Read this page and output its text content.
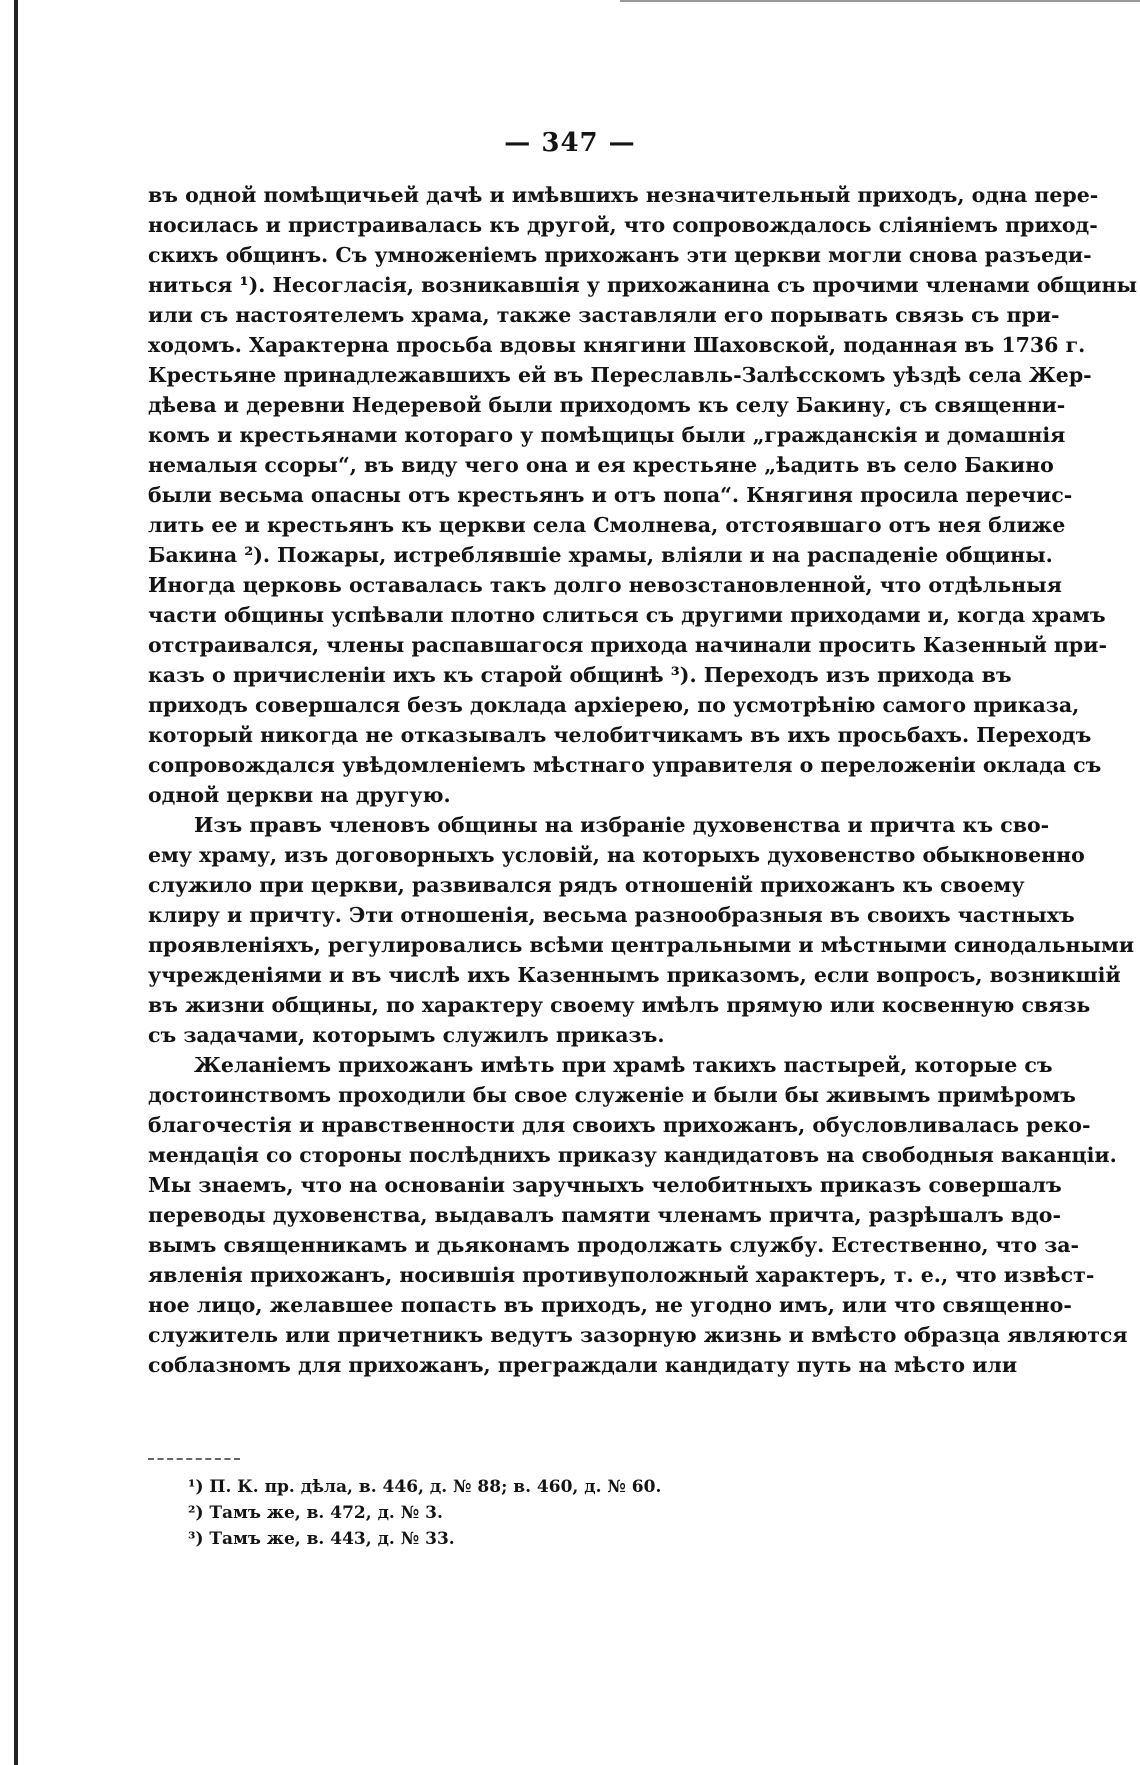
— 347 —
въ одной помѣщичьей дачѣ и имѣвшихъ незначительный приходъ, одна пере-
носилась и пристраивалась къ другой, что сопровождалось сліяніемъ приход-
скихъ общинъ. Съ умноженіемъ прихожанъ эти церкви могли снова разъеди-
ниться ¹). Несогласія, возникавшія у прихожанина съ прочими членами общины
или съ настоятелемъ храма, также заставляли его порывать связь съ при-
ходомъ. Характерна просьба вдовы княгини Шаховской, поданная въ 1736 г.
Крестьяне принадлежавшихъ ей въ Переславль-Залѣсскомъ уѣздѣ села Жер-
дѣева и деревни Недеревой были приходомъ къ селу Бакину, съ священни-
комъ и крестьянами котораго у помѣщицы были „гражданскія и домашнія
немалыя ссоры“, въ виду чего она и ея крестьяне „ѣадить въ село Бакино
были весьма опасны отъ крестьянъ и отъ попа“. Княгиня просила перечис-
лить ее и крестьянъ къ церкви села Смолнева, отстоявшаго отъ нея ближе
Бакина ²). Пожары, истреблявшіе храмы, вліяли и на распаденіе общины.
Иногда церковь оставалась такъ долго невозстановленной, что отдѣльныя
части общины успѣвали плотно слиться съ другими приходами и, когда храмъ
отстраивался, члены распавшагося прихода начинали просить Казенный при-
казъ о причисленіи ихъ къ старой общинѣ ³). Переходъ изъ прихода въ
приходъ совершался безъ доклада архіерею, по усмотрѣнію самого приказа,
который никогда не отказывалъ челобитчикамъ въ ихъ просьбахъ. Переходъ
сопровождался увѣдомленіемъ мѣстнаго управителя о переложеніи оклада съ
одной церкви на другую.
Изъ правъ членовъ общины на избраніе духовенства и причта къ сво-
ему храму, изъ договорныхъ условій, на которыхъ духовенство обыкновенно
служило при церкви, развивался рядъ отношеній прихожанъ къ своему
клиру и причту. Эти отношенія, весьма разнообразныя въ своихъ частныхъ
проявленіяхъ, регулировались всѣми центральными и мѣстными синодальными
учрежденіями и въ числѣ ихъ Казеннымъ приказомъ, если вопросъ, возникшій
въ жизни общины, по характеру своему имѣлъ прямую или косвенную связь
съ задачами, которымъ служилъ приказъ.
Желаніемъ прихожанъ имѣть при храмѣ такихъ пастырей, которые съ
достоинствомъ проходили бы свое служеніе и были бы живымъ примѣромъ
благочестія и нравственности для своихъ прихожанъ, обусловливалась реко-
мендація со стороны послѣднихъ приказу кандидатовъ на свободныя ваканціи.
Мы знаемъ, что на основаніи заручныхъ челобитныхъ приказъ совершалъ
переводы духовенства, выдавалъ памяти членамъ причта, разрѣшалъ вдо-
вымъ священникамъ и дьяконамъ продолжать службу. Естественно, что за-
явленія прихожанъ, носившія противуположный характеръ, т. е., что извѣст-
ное лицо, желавшее попасть въ приходъ, не угодно имъ, или что священно-
служитель или причетникъ ведутъ зазорную жизнь и вмѣсто образца являются
соблазномъ для прихожанъ, преграждали кандидату путь на мѣсто или
¹) П. К. пр. дѣла, в. 446, д. № 88; в. 460, д. № 60.
²) Тамъ же, в. 472, д. № 3.
³) Тамъ же, в. 443, д. № 33.
